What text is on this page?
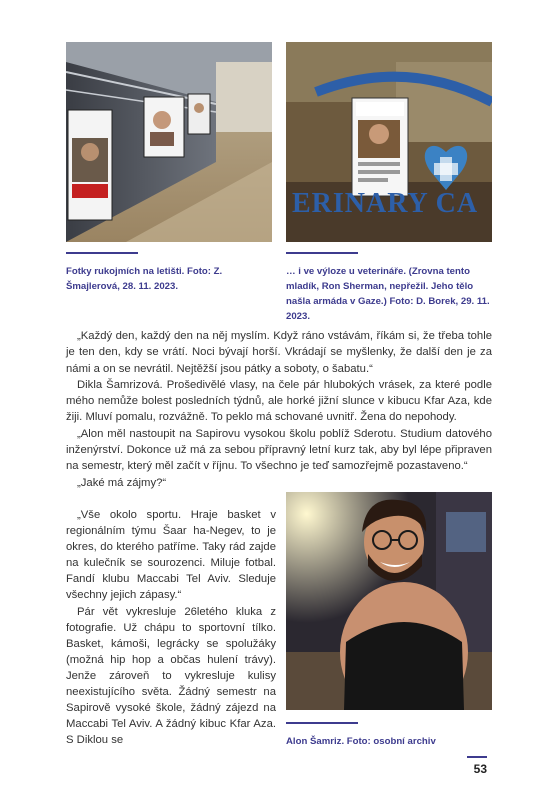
ERINARY CA

Fotky rukojmích na letišti. Foto: Z. Šmajlerová, 28. 11. 2023.

… i ve výloze u veterináře. (Zrovna tento mladík, Ron Sherman, nepřežil. Jeho tělo našla armáda v Gaze.) Foto: D. Borek, 29. 11. 2023.

„Každý den, každý den na něj myslím. Když ráno vstávám, říkám si, že třeba tohle je ten den, kdy se vrátí. Noci bývají horší. Vkrádají se myšlenky, že další den je za námi a on se nevrátil. Nejtěžší jsou pátky a soboty, o šabatu.“

Dikla Šamrizová. Prošedivělé vlasy, na čele pár hlubokých vrásek, za které podle mého nemůže bolest posledních týdnů, ale horké jižní slunce v kibucu Kfar Aza, kde žiji. Mluví pomalu, rozvážně. To peklo má schované uvnitř. Žena do nepohody.

„Alon měl nastoupit na Sapirovu vysokou školu poblíž Sderotu. Studium datového inženýrství. Dokonce už má za sebou přípravný letní kurz tak, aby byl lépe připraven na semestr, který měl začít v říjnu. To všechno je teď samozřejmě pozastaveno.“

„Jaké má zájmy?“

„Vše okolo sportu. Hraje basket v regionálním týmu Šaar ha-Negev, to je okres, do kterého patříme. Taky rád zajde na kulečník se sourozenci. Miluje fotbal. Fandí klubu Maccabi Tel Aviv. Sleduje všechny jejich zápasy.“

Pár vět vykresluje 26letého kluka z fotografie. Už chápu to sportovní tílko. Basket, kámoši, legrácky se spolužáky (možná hip hop a občas hulení trávy). Jenže zároveň to vykresluje kulisy neexistujícího světa. Žádný semestr na Sapirově vysoké škole, žádný zájezd na Maccabi Tel Aviv. A žádný kibuc Kfar Aza. S Diklou se	Alon Šamriz. Foto: osobní archiv

53
